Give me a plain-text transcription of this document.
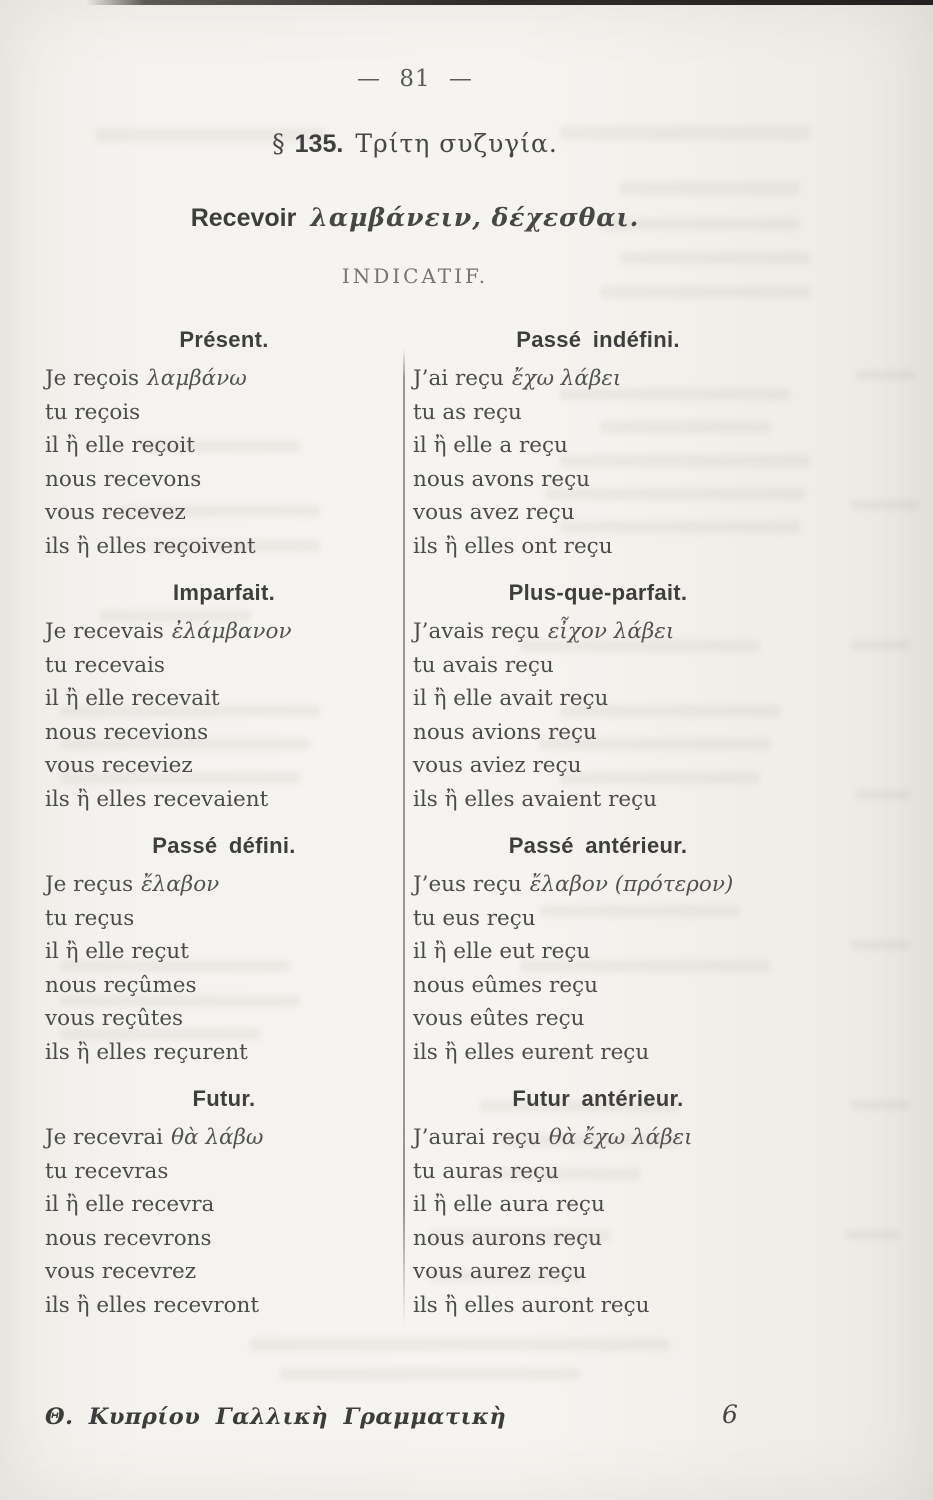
— 81 —
§ 135. Τρίτη συζυγία.
Recevoir λαμβάνειν, δέχεσθαι.
INDICATIF.
Présent.
Je reçois λαμβάνω
tu reçois
il ἢ elle reçoit
nous recevons
vous recevez
ils ἢ elles reçoivent
Imparfait.
Je recevais ἐλάμβανον
tu recevais
il ἢ elle recevait
nous recevions
vous receviez
ils ἢ elles recevaient
Passé défini.
Je reçus ἔλαβον
tu reçus
il ἢ elle reçut
nous reçûmes
vous reçûtes
ils ἢ elles reçurent
Futur.
Je recevrai θὰ λάβω
tu recevras
il ἢ elle recevra
nous recevrons
vous recevrez
ils ἢ elles recevront
Passé indéfini.
J’ai reçu ἔχω λάβει
tu as reçu
il ἢ elle a reçu
nous avons reçu
vous avez reçu
ils ἢ elles ont reçu
Plus-que-parfait.
J’avais reçu εἶχον λάβει
tu avais reçu
il ἢ elle avait reçu
nous avions reçu
vous aviez reçu
ils ἢ elles avaient reçu
Passé antérieur.
J’eus reçu ἔλαβον (πρότερον)
tu eus reçu
il ἢ elle eut reçu
nous eûmes reçu
vous eûtes reçu
ils ἢ elles eurent reçu
Futur antérieur.
J’aurai reçu θὰ ἔχω λάβει
tu auras reçu
il ἢ elle aura reçu
nous aurons reçu
vous aurez reçu
ils ἢ elles auront reçu
Θ. Κυπρίου Γαλλικὴ Γραμματικὴ	6
